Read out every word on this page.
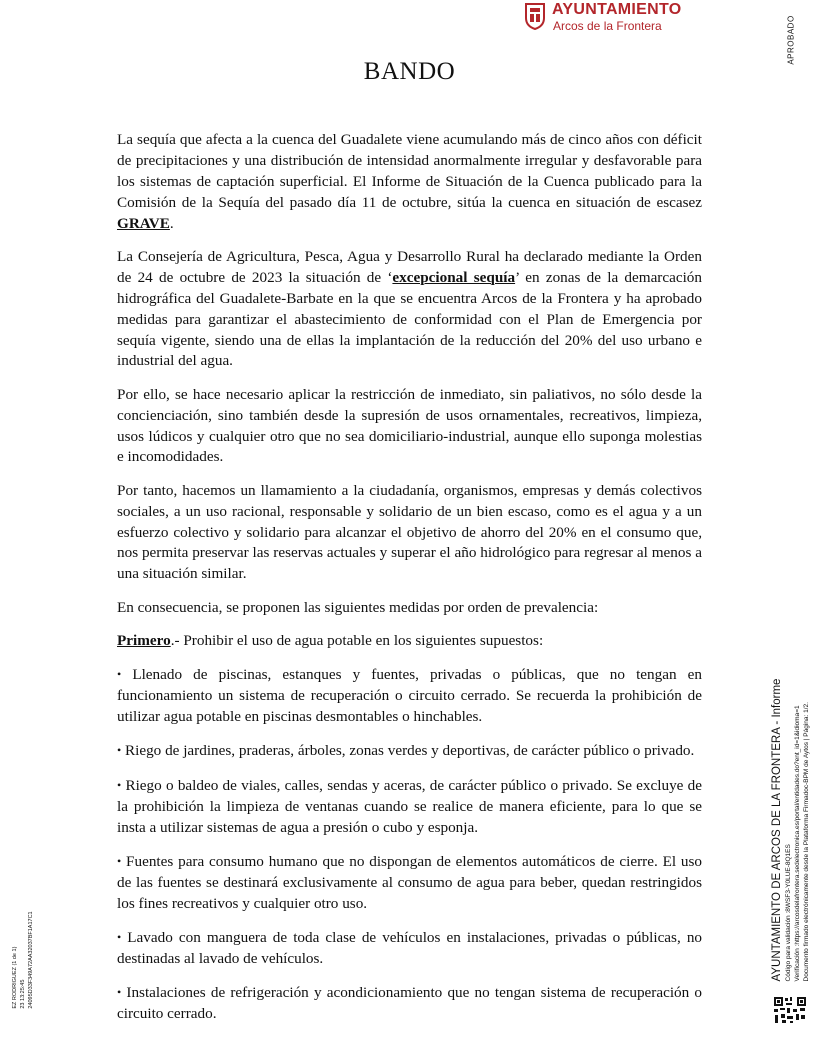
AYUNTAMIENTO
Arcos de la Frontera	APROBADO
BANDO

La sequía que afecta a la cuenca del Guadalete viene acumulando más de cinco años con déficit de precipitaciones y una distribución de intensidad anormalmente irregular y desfavorable para los sistemas de captación superficial. El Informe de Situación de la Cuenca publicado para la Comisión de la Sequía del pasado día 11 de octubre, sitúa la cuenca en situación de escasez GRAVE.

La Consejería de Agricultura, Pesca, Agua y Desarrollo Rural ha declarado mediante la Orden de 24 de octubre de 2023 la situación de ‘excepcional sequía’ en zonas de la demarcación hidrográfica del Guadalete-Barbate en la que se encuentra Arcos de la Frontera y ha aprobado medidas para garantizar el abastecimiento de conformidad con el Plan de Emergencia por sequía vigente, siendo una de ellas la implantación de la reducción del 20% del uso urbano e industrial del agua.

Por ello, se hace necesario aplicar la restricción de inmediato, sin paliativos, no sólo desde la concienciación, sino también desde la supresión de usos ornamentales, recreativos, limpieza, usos lúdicos y cualquier otro que no sea domiciliario-industrial, aunque ello suponga molestias e incomodidades.

Por tanto, hacemos un llamamiento a la ciudadanía, organismos, empresas y demás colectivos sociales, a un uso racional, responsable y solidario de un bien escaso, como es el agua y a un esfuerzo colectivo y solidario para alcanzar el objetivo de ahorro del 20% en el consumo que, nos permita preservar las reservas actuales y superar el año hidrológico para regresar al menos a una situación similar.

En consecuencia, se proponen las siguientes medidas por orden de prevalencia:

Primero.- Prohibir el uso de agua potable en los siguientes supuestos:

• Llenado de piscinas, estanques y fuentes, privadas o públicas, que no tengan en funcionamiento un sistema de recuperación o circuito cerrado. Se recuerda la prohibición de utilizar agua potable en piscinas desmontables o hinchables.
• Riego de jardines, praderas, árboles, zonas verdes y deportivas, de carácter público o privado.
• Riego o baldeo de viales, calles, sendas y aceras, de carácter público o privado. Se excluye de la prohibición la limpieza de ventanas cuando se realice de manera eficiente, para lo que se insta a utilizar sistemas de agua a presión o cubo y esponja.
• Fuentes para consumo humano que no dispongan de elementos automáticos de cierre. El uso de las fuentes se destinará exclusivamente al consumo de agua para beber, quedan restringidos los fines recreativos y cualquier otro uso.
• Lavado con manguera de toda clase de vehículos en instalaciones, privadas o públicas, no destinadas al lavado de vehículos.
• Instalaciones de refrigeración y acondicionamiento que no tengan sistema de recuperación o circuito cerrado.
AYUNTAMIENTO DE ARCOS DE LA FRONTERA - Informe Código para validación :8WSF3-Y0LUE-8Q1ES Verificación :https://arcosdelafrontera.sedelectronica.es/portal/entidades.do?ent_id=1&idioma=1 Documento firmado electrónicamente desde la Plataforma Firmadoc-BPM de Aytos | Página: 1/2.
EZ RODRIGUEZ (1 de 1) 23 13:25:45 24095D33F349A72AA32037BF1A17C1
